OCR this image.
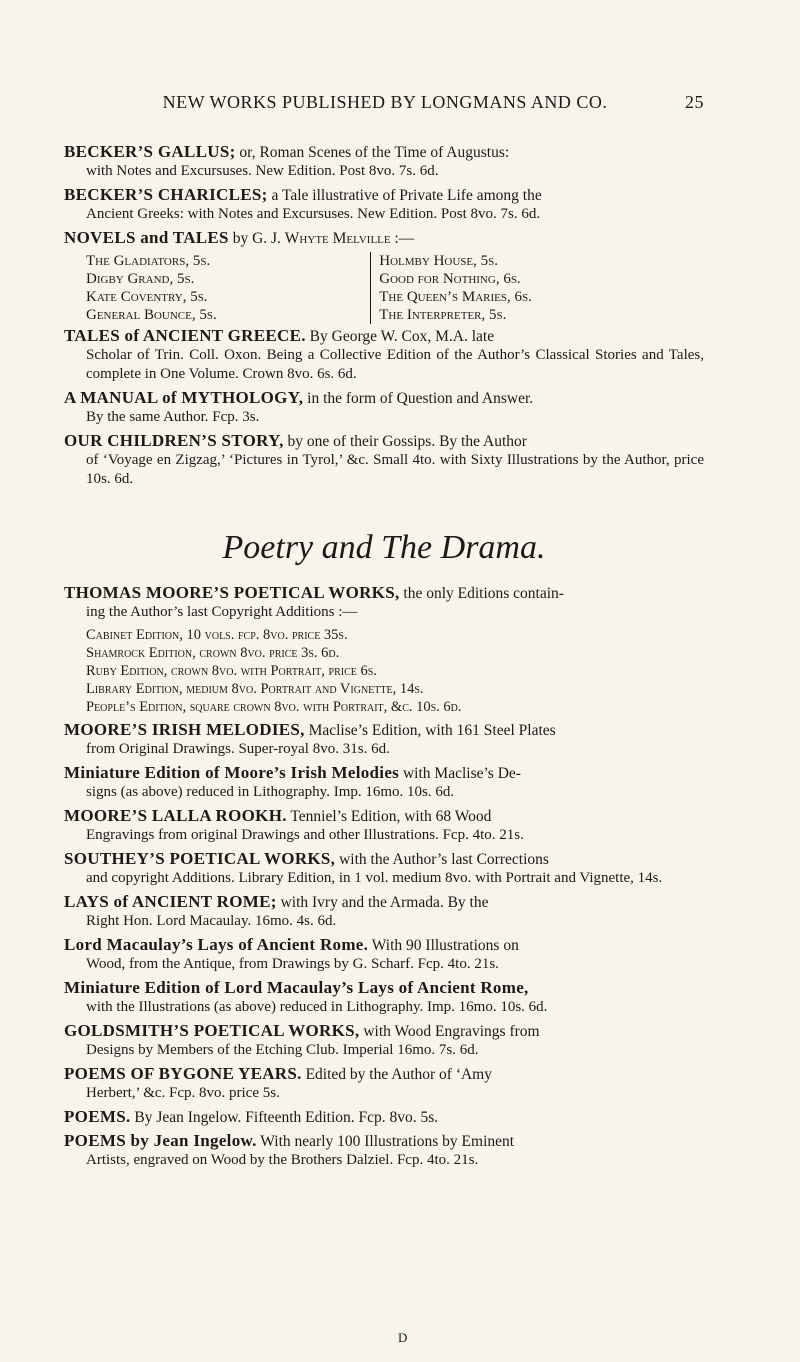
NEW WORKS PUBLISHED BY LONGMANS AND CO.	25

BECKER’S GALLUS; or, Roman Scenes of the Time of Augustus:
with Notes and Excursuses. New Edition. Post 8vo. 7s. 6d.

BECKER’S CHARICLES; a Tale illustrative of Private Life among the
Ancient Greeks: with Notes and Excursuses. New Edition. Post 8vo. 7s. 6d.

NOVELS and TALES by G. J. Whyte Melville :—

The Gladiators, 5s.
Digby Grand, 5s.
Kate Coventry, 5s.
General Bounce, 5s.
Holmby House, 5s.
Good for Nothing, 6s.
The Queen’s Maries, 6s.
The Interpreter, 5s.

TALES of ANCIENT GREECE. By George W. Cox, M.A. late
Scholar of Trin. Coll. Oxon. Being a Collective Edition of the Author’s Classical Stories and Tales, complete in One Volume. Crown 8vo. 6s. 6d.

A MANUAL of MYTHOLOGY, in the form of Question and Answer.
By the same Author. Fcp. 3s.

OUR CHILDREN’S STORY, by one of their Gossips. By the Author
of ‘Voyage en Zigzag,’ ‘Pictures in Tyrol,’ &c. Small 4to. with Sixty Illustrations by the Author, price 10s. 6d.

Poetry and The Drama.

THOMAS MOORE’S POETICAL WORKS, the only Editions contain-
ing the Author’s last Copyright Additions :—

Cabinet Edition, 10 vols. fcp. 8vo. price 35s.
Shamrock Edition, crown 8vo. price 3s. 6d.
Ruby Edition, crown 8vo. with Portrait, price 6s.
Library Edition, medium 8vo. Portrait and Vignette, 14s.
People’s Edition, square crown 8vo. with Portrait, &c. 10s. 6d.

MOORE’S IRISH MELODIES, Maclise’s Edition, with 161 Steel Plates
from Original Drawings. Super-royal 8vo. 31s. 6d.

Miniature Edition of Moore’s Irish Melodies with Maclise’s De-
signs (as above) reduced in Lithography. Imp. 16mo. 10s. 6d.

MOORE’S LALLA ROOKH. Tenniel’s Edition, with 68 Wood
Engravings from original Drawings and other Illustrations. Fcp. 4to. 21s.

SOUTHEY’S POETICAL WORKS, with the Author’s last Corrections
and copyright Additions. Library Edition, in 1 vol. medium 8vo. with Portrait and Vignette, 14s.

LAYS of ANCIENT ROME; with Ivry and the Armada. By the
Right Hon. Lord Macaulay. 16mo. 4s. 6d.

Lord Macaulay’s Lays of Ancient Rome. With 90 Illustrations on
Wood, from the Antique, from Drawings by G. Scharf. Fcp. 4to. 21s.

Miniature Edition of Lord Macaulay’s Lays of Ancient Rome,
with the Illustrations (as above) reduced in Lithography. Imp. 16mo. 10s. 6d.

GOLDSMITH’S POETICAL WORKS, with Wood Engravings from
Designs by Members of the Etching Club. Imperial 16mo. 7s. 6d.

POEMS OF BYGONE YEARS. Edited by the Author of ‘Amy
Herbert,’ &c. Fcp. 8vo. price 5s.

POEMS. By Jean Ingelow. Fifteenth Edition. Fcp. 8vo. 5s.

POEMS by Jean Ingelow. With nearly 100 Illustrations by Eminent
Artists, engraved on Wood by the Brothers Dalziel. Fcp. 4to. 21s.

D
